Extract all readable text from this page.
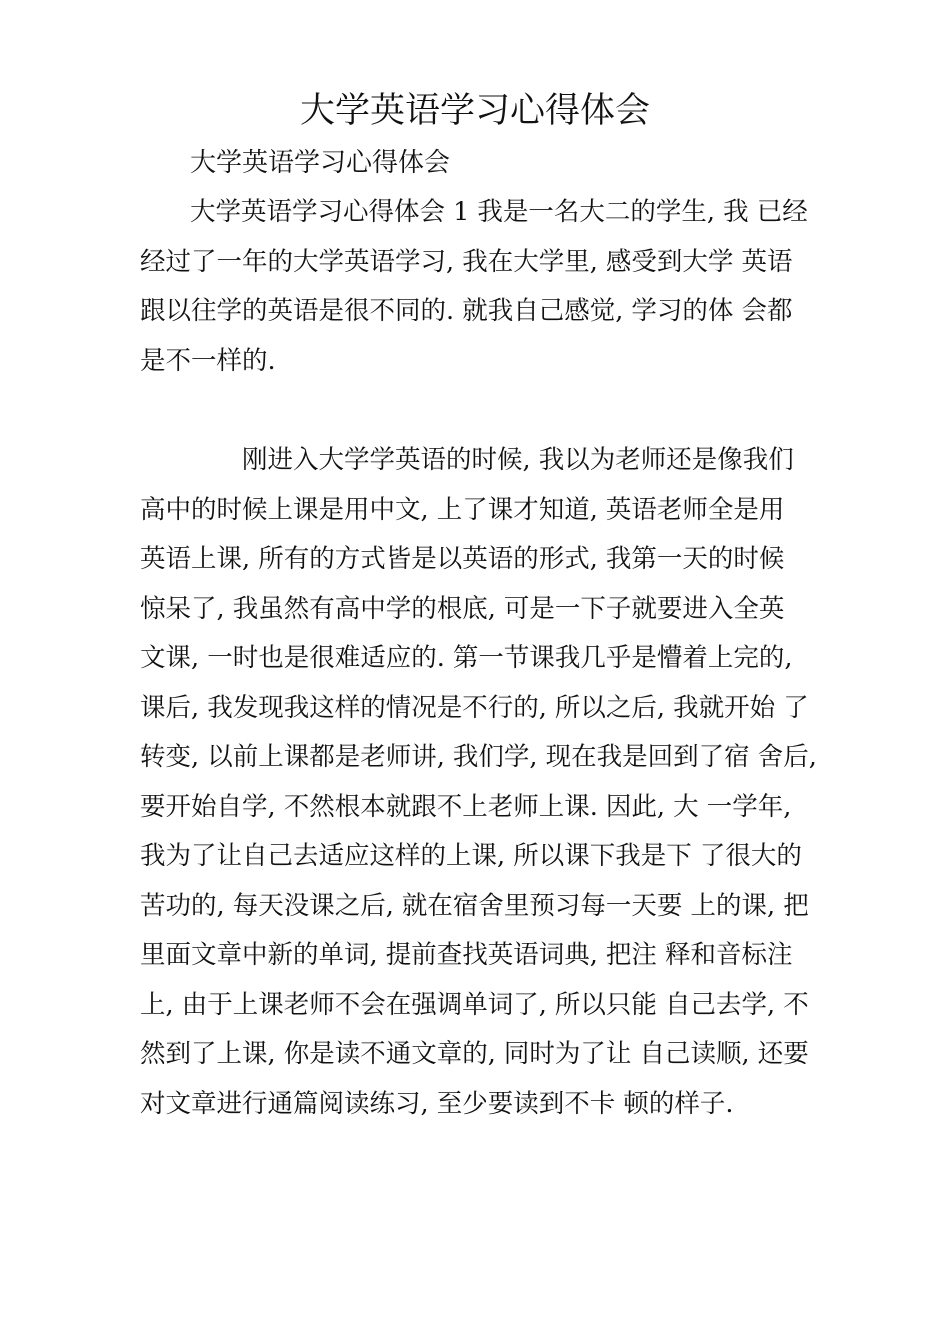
大学英语学习心得体会
大学英语学习心得体会
大学英语学习心得体会 1 我是一名大二的学生, 我 已经
经过了一年的大学英语学习, 我在大学里, 感受到大学 英语
跟以往学的英语是很不同的. 就我自己感觉, 学习的体 会都
是不一样的.
刚进入大学学英语的时候, 我以为老师还是像我们
高中的时候上课是用中文, 上了课才知道, 英语老师全是用
英语上课, 所有的方式皆是以英语的形式, 我第一天的时候
惊呆了, 我虽然有高中学的根底, 可是一下子就要进入全英
文课, 一时也是很难适应的. 第一节课我几乎是懵着上完的,
课后, 我发现我这样的情况是不行的, 所以之后, 我就开始 了
转变, 以前上课都是老师讲, 我们学, 现在我是回到了宿 舍后,
要开始自学, 不然根本就跟不上老师上课. 因此, 大 一学年,
我为了让自己去适应这样的上课, 所以课下我是下 了很大的
苦功的, 每天没课之后, 就在宿舍里预习每一天要 上的课, 把
里面文章中新的单词, 提前查找英语词典, 把注 释和音标注
上, 由于上课老师不会在强调单词了, 所以只能 自己去学, 不
然到了上课, 你是读不通文章的, 同时为了让 自己读顺, 还要
对文章进行通篇阅读练习, 至少要读到不卡 顿的样子.
